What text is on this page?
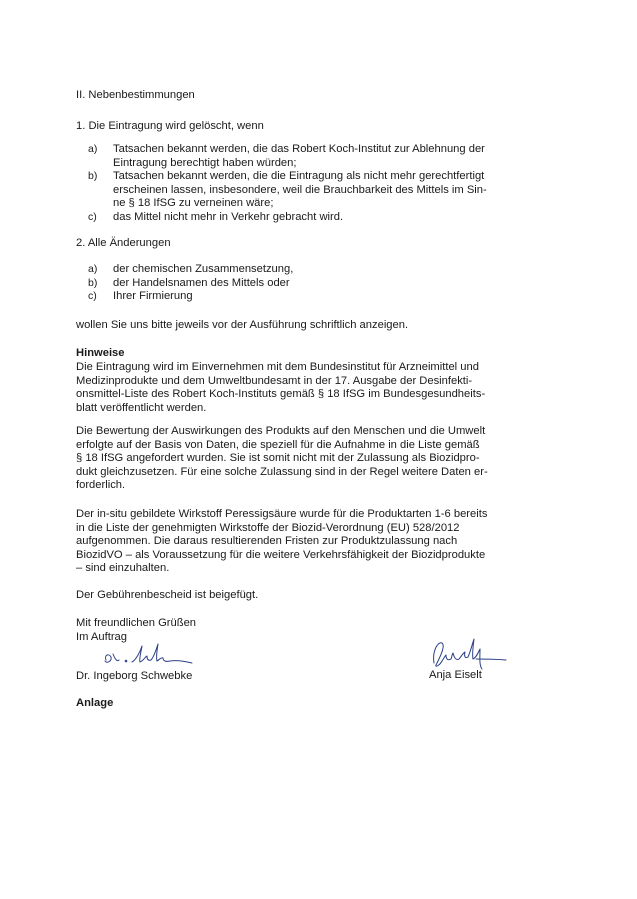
II. Nebenbestimmungen
1. Die Eintragung wird gelöscht, wenn
a) Tatsachen bekannt werden, die das Robert Koch-Institut zur Ablehnung der
Eintragung berechtigt haben würden;
b) Tatsachen bekannt werden, die die Eintragung als nicht mehr gerechtfertigt
erscheinen lassen, insbesondere, weil die Brauchbarkeit des Mittels im Sin-
ne § 18 IfSG zu verneinen wäre;
c) das Mittel nicht mehr in Verkehr gebracht wird.
2. Alle Änderungen
a) der chemischen Zusammensetzung,
b) der Handelsnamen des Mittels oder
c) Ihrer Firmierung
wollen Sie uns bitte jeweils vor der Ausführung schriftlich anzeigen.
Hinweise
Die Eintragung wird im Einvernehmen mit dem Bundesinstitut für Arzneimittel und
Medizinprodukte und dem Umweltbundesamt in der 17. Ausgabe der Desinfekti-
onsmittel-Liste des Robert Koch-Instituts gemäß § 18 IfSG im Bundesgesundheits-
blatt veröffentlicht werden.
Die Bewertung der Auswirkungen des Produkts auf den Menschen und die Umwelt
erfolgte auf der Basis von Daten, die speziell für die Aufnahme in die Liste gemäß
§ 18 IfSG angefordert wurden. Sie ist somit nicht mit der Zulassung als Biozidpro-
dukt gleichzusetzen. Für eine solche Zulassung sind in der Regel weitere Daten er-
forderlich.
Der in-situ gebildete Wirkstoff Peressigsäure wurde für die Produktarten 1-6 bereits
in die Liste der genehmigten Wirkstoffe der Biozid-Verordnung (EU) 528/2012
aufgenommen. Die daraus resultierenden Fristen zur Produktzulassung nach
BiozidVO – als Voraussetzung für die weitere Verkehrsfähigkeit der Biozidprodukte
– sind einzuhalten.
Der Gebührenbescheid ist beigefügt.
Mit freundlichen Grüßen
Im Auftrag
Dr. Ingeborg Schwebke	Anja Eiselt
Anlage
